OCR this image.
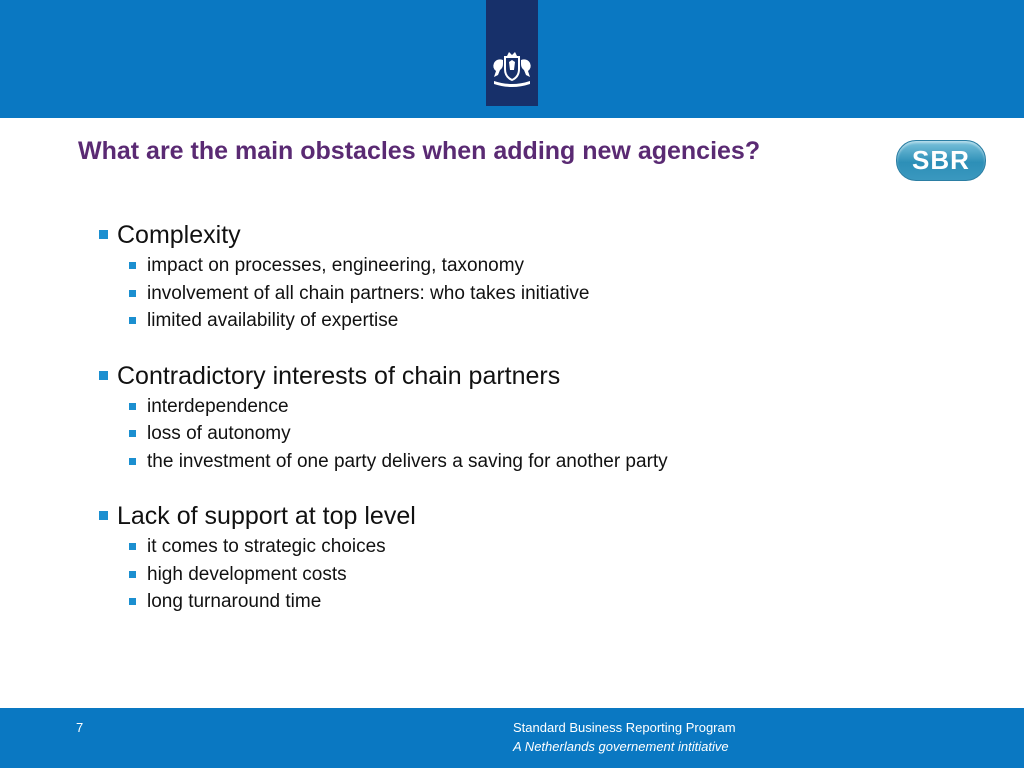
What are the main obstacles when adding new agencies?	SBR
Complexity
impact on processes, engineering, taxonomy
involvement of all chain partners: who takes initiative
limited availability of expertise
Contradictory interests of chain partners
interdependence
loss of autonomy
the investment of one party delivers a saving for another party
Lack of support at top level
it comes to strategic choices
high development costs
long turnaround time
7	Standard Business Reporting Program
A Netherlands governement intitiative
